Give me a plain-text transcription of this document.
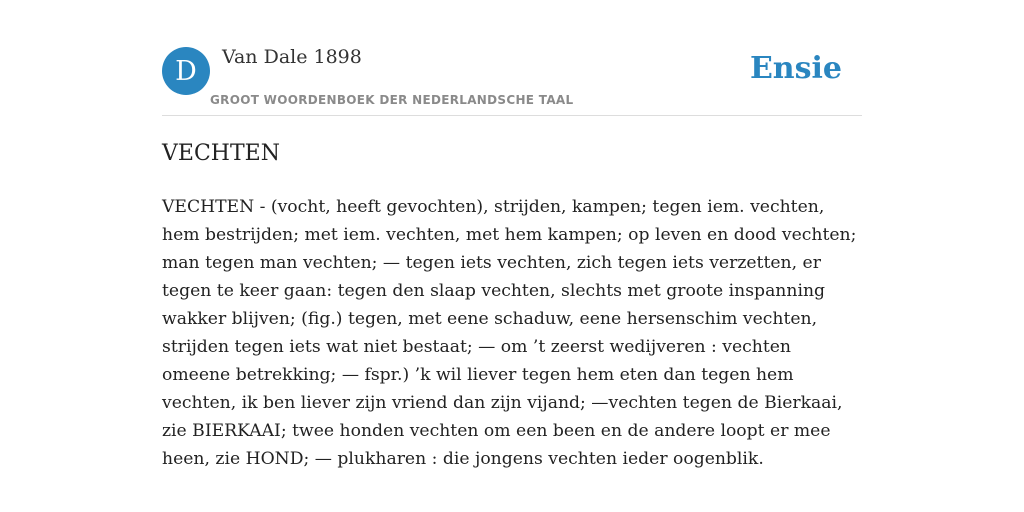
D Van Dale 1898
GROOT WOORDENBOEK DER NEDERLANDSCHE TAAL
Ensie
VECHTEN

VECHTEN - (vocht, heeft gevochten), strijden, kampen; tegen iem. vechten, hem bestrijden; met iem. vechten, met hem kampen; op leven en dood vechten; man tegen man vechten; — tegen iets vechten, zich tegen iets verzetten, er tegen te keer gaan: tegen den slaap vechten, slechts met groote inspanning wakker blijven; (fig.) tegen, met eene schaduw, eene hersenschim vechten, strijden tegen iets wat niet bestaat; — om ’t zeerst wedijveren : vechten omeene betrekking; — fspr.) ’k wil liever tegen hem eten dan tegen hem vechten, ik ben liever zijn vriend dan zijn vijand; —vechten tegen de Bierkaai, zie BIERKAAI; twee honden vechten om een been en de andere loopt er mee heen, zie HOND; — plukharen : die jongens vechten ieder oogenblik.
